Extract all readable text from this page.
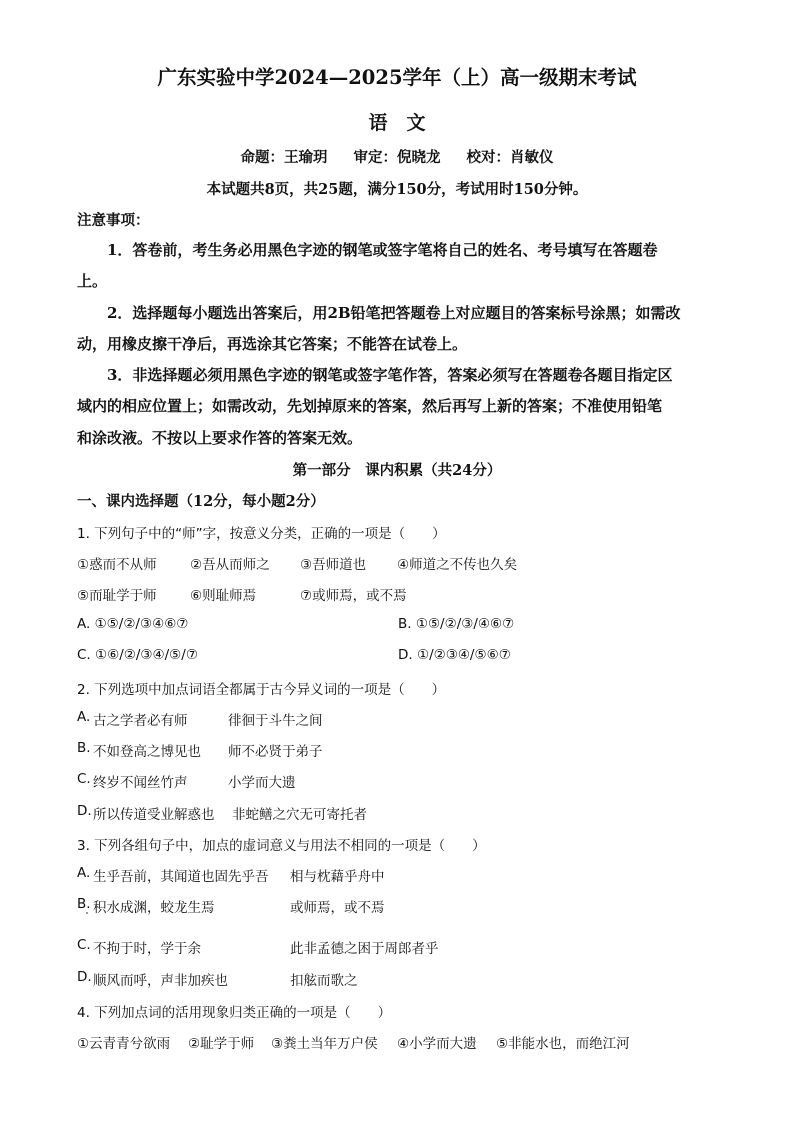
广东实验中学2024—2025学年（上）高一级期末考试
语　文
命题：王瑜玥 审定：倪晓龙 校对：肖敏仪
本试题共8页，共25题，满分150分，考试用时150分钟。
注意事项：
1．答卷前，考生务必用黑色字迹的钢笔或签字笔将自己的姓名、考号填写在答题卷
上。
2．选择题每小题选出答案后，用2B铅笔把答题卷上对应题目的答案标号涂黑；如需改
动，用橡皮擦干净后，再选涂其它答案；不能答在试卷上。
3．非选择题必须用黑色字迹的钢笔或签字笔作答，答案必须写在答题卷各题目指定区
域内的相应位置上；如需改动，先划掉原来的答案，然后再写上新的答案；不准使用铅笔
和涂改液。不按以上要求作答的答案无效。
第一部分　课内积累（共24分）
一、课内选择题（12分，每小题2分）
1. 下列句子中的“师”字，按意义分类，正确的一项是（　　）
①惑而不从师 ②吾从而师之 ③吾师道也 ④师道之不传也久矣
⑤而耻学于师 ⑥则耻师焉	⑦或师焉，或不焉
A. ①⑤/②/③④⑥⑦	B. ①⑤/②/③/④⑥⑦
C. ①⑥/②/③④/⑤/⑦	D. ①/②③④/⑤⑥⑦
2. 下列选项中加点词语全都属于古今异义词的一项是（　　）
A. 古之学者必有师	徘徊于斗牛之间
B. 不如登高之博见也 师不必贤于弟子
C. 终岁不闻丝竹声	小学而大遗
D. 所以传道受业解惑也 非蛇鳝之穴无可寄托者
3. 下列各组句子中，加点的虚词意义与用法不相同的一项是（　　）
A. 生乎吾前，其闻道也固先乎吾 相与枕藉乎舟中
B. 积水成渊，蛟龙生焉	或师焉，或不焉
C. 不拘于时，学于余	此非孟德之困于周郎者乎
D. 顺风而呼，声非加疾也	扣舷而歌之
4. 下列加点词的活用现象归类正确的一项是（　　）
①云青青兮欲雨 ②耻学于师 ③粪土当年万户侯 ④小学而大遗 ⑤非能水也，而绝江河
